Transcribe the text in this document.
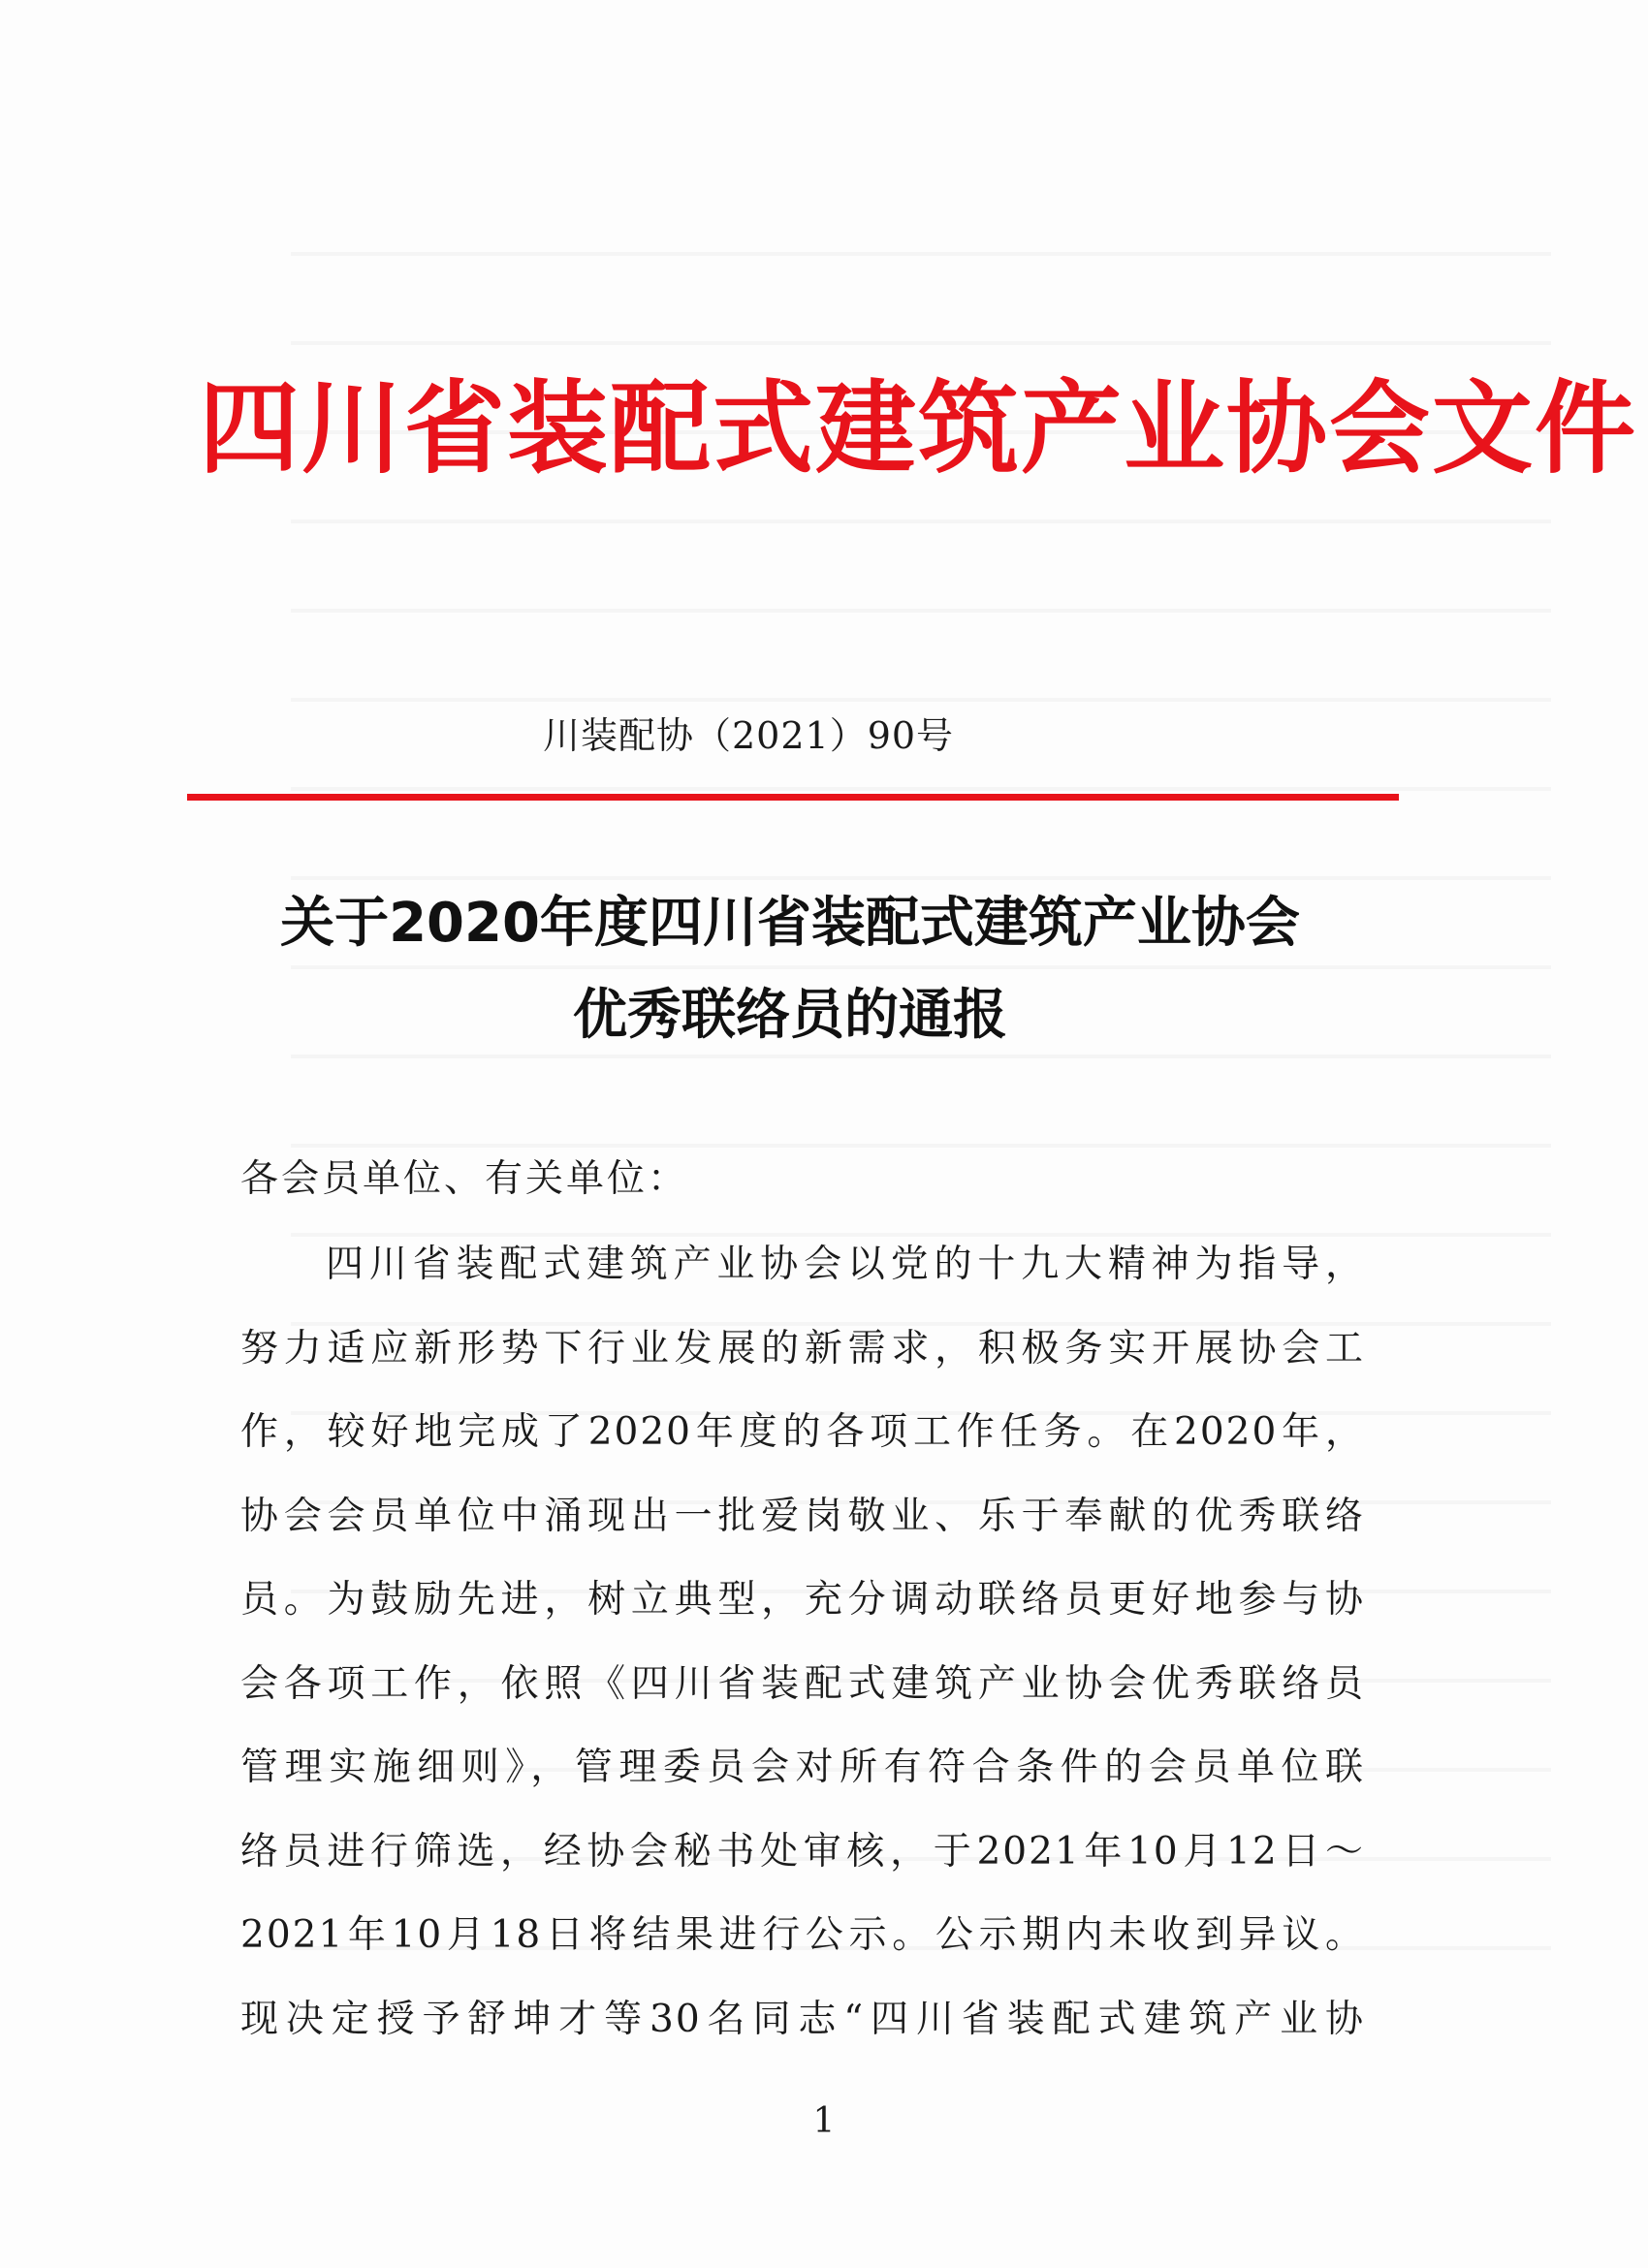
四川省装配式建筑产业协会文件
川装配协（2021）90号
关于2020年度四川省装配式建筑产业协会
优秀联络员的通报
各会员单位、有关单位：
四川省装配式建筑产业协会以党的十九大精神为指导，
努力适应新形势下行业发展的新需求，积极务实开展协会工
作，较好地完成了2020年度的各项工作任务。在2020年，
协会会员单位中涌现出一批爱岗敬业、乐于奉献的优秀联络
员。为鼓励先进，树立典型，充分调动联络员更好地参与协
会各项工作，依照《四川省装配式建筑产业协会优秀联络员
管理实施细则》，管理委员会对所有符合条件的会员单位联
络员进行筛选，经协会秘书处审核，于2021年10月12日～
2021年10月18日将结果进行公示。公示期内未收到异议。
现决定授予舒坤才等30名同志“四川省装配式建筑产业协
1
